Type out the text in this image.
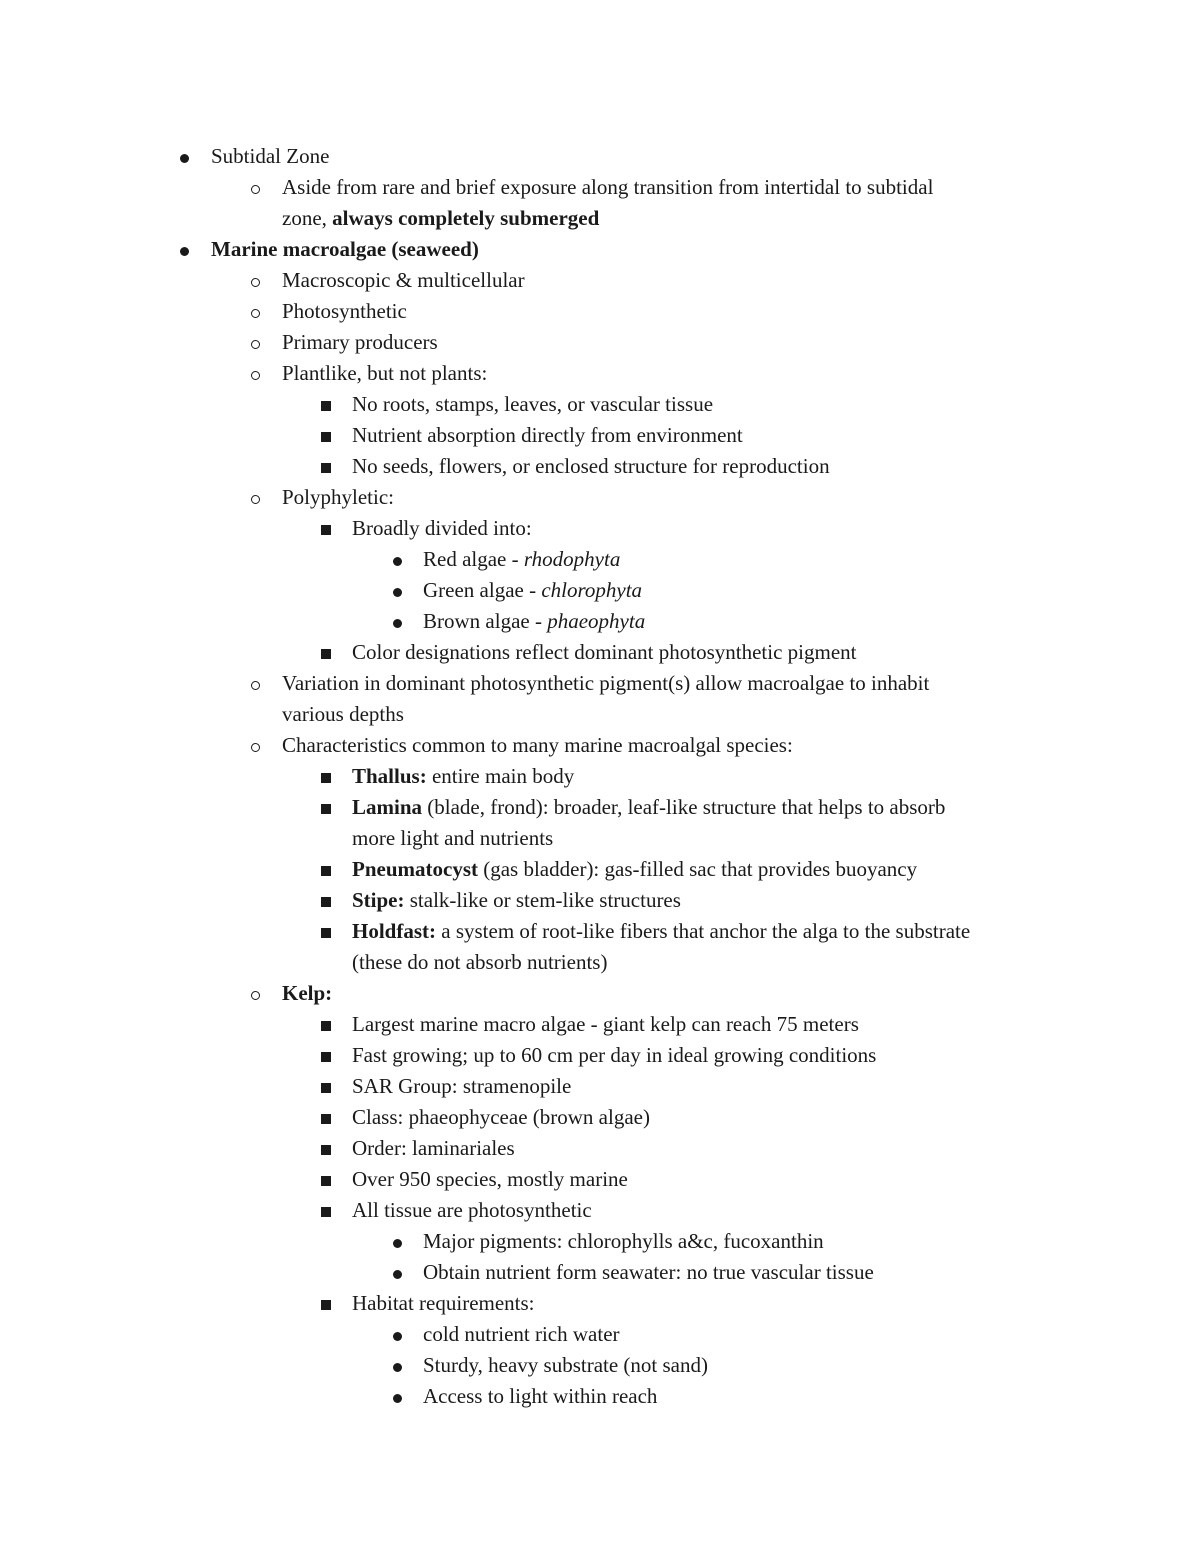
Subtidal Zone
Aside from rare and brief exposure along transition from intertidal to subtidal
zone, always completely submerged
Marine macroalgae (seaweed)
Macroscopic & multicellular
Photosynthetic
Primary producers
Plantlike, but not plants:
No roots, stamps, leaves, or vascular tissue
Nutrient absorption directly from environment
No seeds, flowers, or enclosed structure for reproduction
Polyphyletic:
Broadly divided into:
Red algae - rhodophyta
Green algae - chlorophyta
Brown algae - phaeophyta
Color designations reflect dominant photosynthetic pigment
Variation in dominant photosynthetic pigment(s) allow macroalgae to inhabit
various depths
Characteristics common to many marine macroalgal species:
Thallus: entire main body
Lamina (blade, frond): broader, leaf-like structure that helps to absorb
more light and nutrients
Pneumatocyst (gas bladder): gas-filled sac that provides buoyancy
Stipe: stalk-like or stem-like structures
Holdfast: a system of root-like fibers that anchor the alga to the substrate
(these do not absorb nutrients)
Kelp:
Largest marine macro algae - giant kelp can reach 75 meters
Fast growing; up to 60 cm per day in ideal growing conditions
SAR Group: stramenopile
Class: phaeophyceae (brown algae)
Order: laminariales
Over 950 species, mostly marine
All tissue are photosynthetic
Major pigments: chlorophylls a&c, fucoxanthin
Obtain nutrient form seawater: no true vascular tissue
Habitat requirements:
cold nutrient rich water
Sturdy, heavy substrate (not sand)
Access to light within reach
